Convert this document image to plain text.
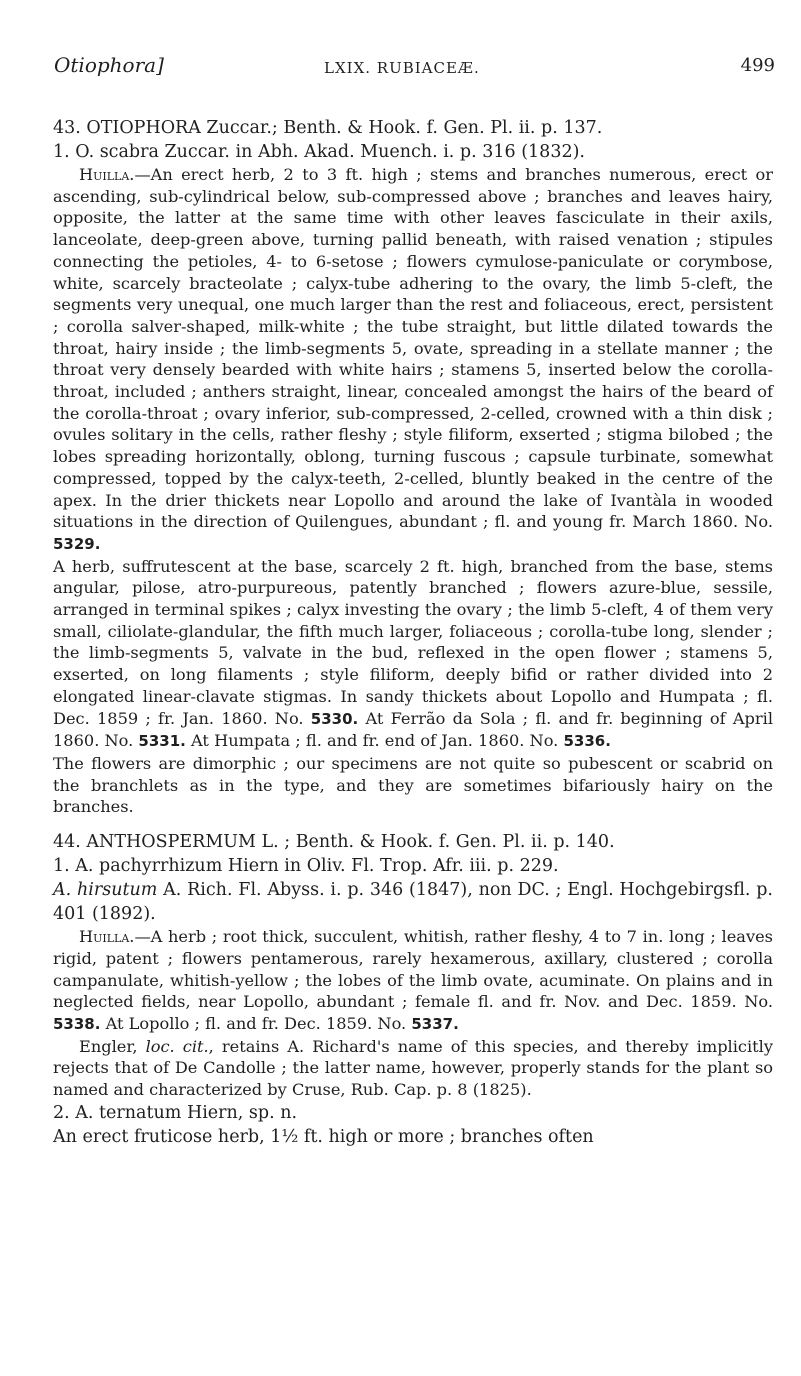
Otiophora]	LXIX. RUBIACEÆ.	499

43. OTIOPHORA Zuccar.; Benth. & Hook. f. Gen. Pl. ii. p. 137.

1. O. scabra Zuccar. in Abh. Akad. Muench. i. p. 316 (1832).

Huilla.—An erect herb, 2 to 3 ft. high ; stems and branches numerous, erect or ascending, sub-cylindrical below, sub-compressed above ; branches and leaves hairy, opposite, the latter at the same time with other leaves fasciculate in their axils, lanceolate, deep-green above, turning pallid beneath, with raised venation ; stipules connecting the petioles, 4- to 6-setose ; flowers cymulose-paniculate or corymbose, white, scarcely bracteolate ; calyx-tube adhering to the ovary, the limb 5-cleft, the segments very unequal, one much larger than the rest and foliaceous, erect, persistent ; corolla salver-shaped, milk-white ; the tube straight, but little dilated towards the throat, hairy inside ; the limb-segments 5, ovate, spreading in a stellate manner ; the throat very densely bearded with white hairs ; stamens 5, inserted below the corolla-throat, included ; anthers straight, linear, concealed amongst the hairs of the beard of the corolla-throat ; ovary inferior, sub-compressed, 2-celled, crowned with a thin disk ; ovules solitary in the cells, rather fleshy ; style filiform, exserted ; stigma bilobed ; the lobes spreading horizontally, oblong, turning fuscous ; capsule turbinate, somewhat compressed, topped by the calyx-teeth, 2-celled, bluntly beaked in the centre of the apex. In the drier thickets near Lopollo and around the lake of Ivantàla in wooded situations in the direction of Quilengues, abundant ; fl. and young fr. March 1860. No. 5329.

A herb, suffrutescent at the base, scarcely 2 ft. high, branched from the base, stems angular, pilose, atro-purpureous, patently branched ; flowers azure-blue, sessile, arranged in terminal spikes ; calyx investing the ovary ; the limb 5-cleft, 4 of them very small, ciliolate-glandular, the fifth much larger, foliaceous ; corolla-tube long, slender ; the limb-segments 5, valvate in the bud, reflexed in the open flower ; stamens 5, exserted, on long filaments ; style filiform, deeply bifid or rather divided into 2 elongated linear-clavate stigmas. In sandy thickets about Lopollo and Humpata ; fl. Dec. 1859 ; fr. Jan. 1860. No. 5330. At Ferrão da Sola ; fl. and fr. beginning of April 1860. No. 5331. At Humpata ; fl. and fr. end of Jan. 1860. No. 5336.

The flowers are dimorphic ; our specimens are not quite so pubescent or scabrid on the branchlets as in the type, and they are sometimes bifariously hairy on the branches.

44. ANTHOSPERMUM L. ; Benth. & Hook. f. Gen. Pl. ii. p. 140.

1. A. pachyrrhizum Hiern in Oliv. Fl. Trop. Afr. iii. p. 229.

A. hirsutum A. Rich. Fl. Abyss. i. p. 346 (1847), non DC. ; Engl. Hochgebirgsfl. p. 401 (1892).

Huilla.—A herb ; root thick, succulent, whitish, rather fleshy, 4 to 7 in. long ; leaves rigid, patent ; flowers pentamerous, rarely hexamerous, axillary, clustered ; corolla campanulate, whitish-yellow ; the lobes of the limb ovate, acuminate. On plains and in neglected fields, near Lopollo, abundant ; female fl. and fr. Nov. and Dec. 1859. No. 5338. At Lopollo ; fl. and fr. Dec. 1859. No. 5337.

Engler, loc. cit., retains A. Richard's name of this species, and thereby implicitly rejects that of De Candolle ; the latter name, however, properly stands for the plant so named and characterized by Cruse, Rub. Cap. p. 8 (1825).

2. A. ternatum Hiern, sp. n.

An erect fruticose herb, 1½ ft. high or more ; branches often
